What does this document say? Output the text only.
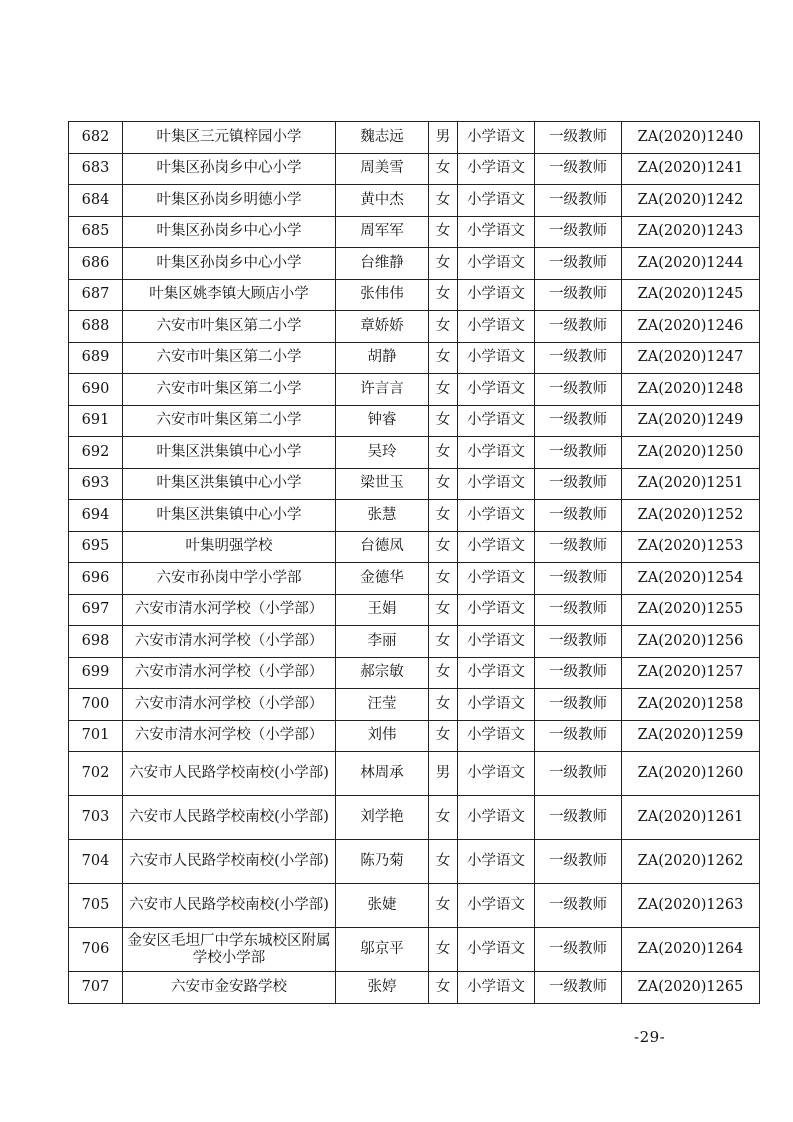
682	叶集区三元镇梓园小学	魏志远	男	小学语文	一级教师	ZA(2020)1240
683	叶集区孙岗乡中心小学	周美雪	女	小学语文	一级教师	ZA(2020)1241
684	叶集区孙岗乡明德小学	黄中杰	女	小学语文	一级教师	ZA(2020)1242
685	叶集区孙岗乡中心小学	周军军	女	小学语文	一级教师	ZA(2020)1243
686	叶集区孙岗乡中心小学	台维静	女	小学语文	一级教师	ZA(2020)1244
687	叶集区姚李镇大顾店小学	张伟伟	女	小学语文	一级教师	ZA(2020)1245
688	六安市叶集区第二小学	章娇娇	女	小学语文	一级教师	ZA(2020)1246
689	六安市叶集区第二小学	胡静	女	小学语文	一级教师	ZA(2020)1247
690	六安市叶集区第二小学	许言言	女	小学语文	一级教师	ZA(2020)1248
691	六安市叶集区第二小学	钟睿	女	小学语文	一级教师	ZA(2020)1249
692	叶集区洪集镇中心小学	吴玲	女	小学语文	一级教师	ZA(2020)1250
693	叶集区洪集镇中心小学	梁世玉	女	小学语文	一级教师	ZA(2020)1251
694	叶集区洪集镇中心小学	张慧	女	小学语文	一级教师	ZA(2020)1252
695	叶集明强学校	台德凤	女	小学语文	一级教师	ZA(2020)1253
696	六安市孙岗中学小学部	金德华	女	小学语文	一级教师	ZA(2020)1254
697	六安市清水河学校（小学部）	王娟	女	小学语文	一级教师	ZA(2020)1255
698	六安市清水河学校（小学部）	李丽	女	小学语文	一级教师	ZA(2020)1256
699	六安市清水河学校（小学部）	郝宗敏	女	小学语文	一级教师	ZA(2020)1257
700	六安市清水河学校（小学部）	汪莹	女	小学语文	一级教师	ZA(2020)1258
701	六安市清水河学校（小学部）	刘伟	女	小学语文	一级教师	ZA(2020)1259
702	六安市人民路学校南校(小学部)	林周承	男	小学语文	一级教师	ZA(2020)1260
703	六安市人民路学校南校(小学部)	刘学艳	女	小学语文	一级教师	ZA(2020)1261
704	六安市人民路学校南校(小学部)	陈乃菊	女	小学语文	一级教师	ZA(2020)1262
705	六安市人民路学校南校(小学部)	张婕	女	小学语文	一级教师	ZA(2020)1263
706	金安区毛坦厂中学东城校区附属学校小学部	邬京平	女	小学语文	一级教师	ZA(2020)1264
707	六安市金安路学校	张婷	女	小学语文	一级教师	ZA(2020)1265
-29-
